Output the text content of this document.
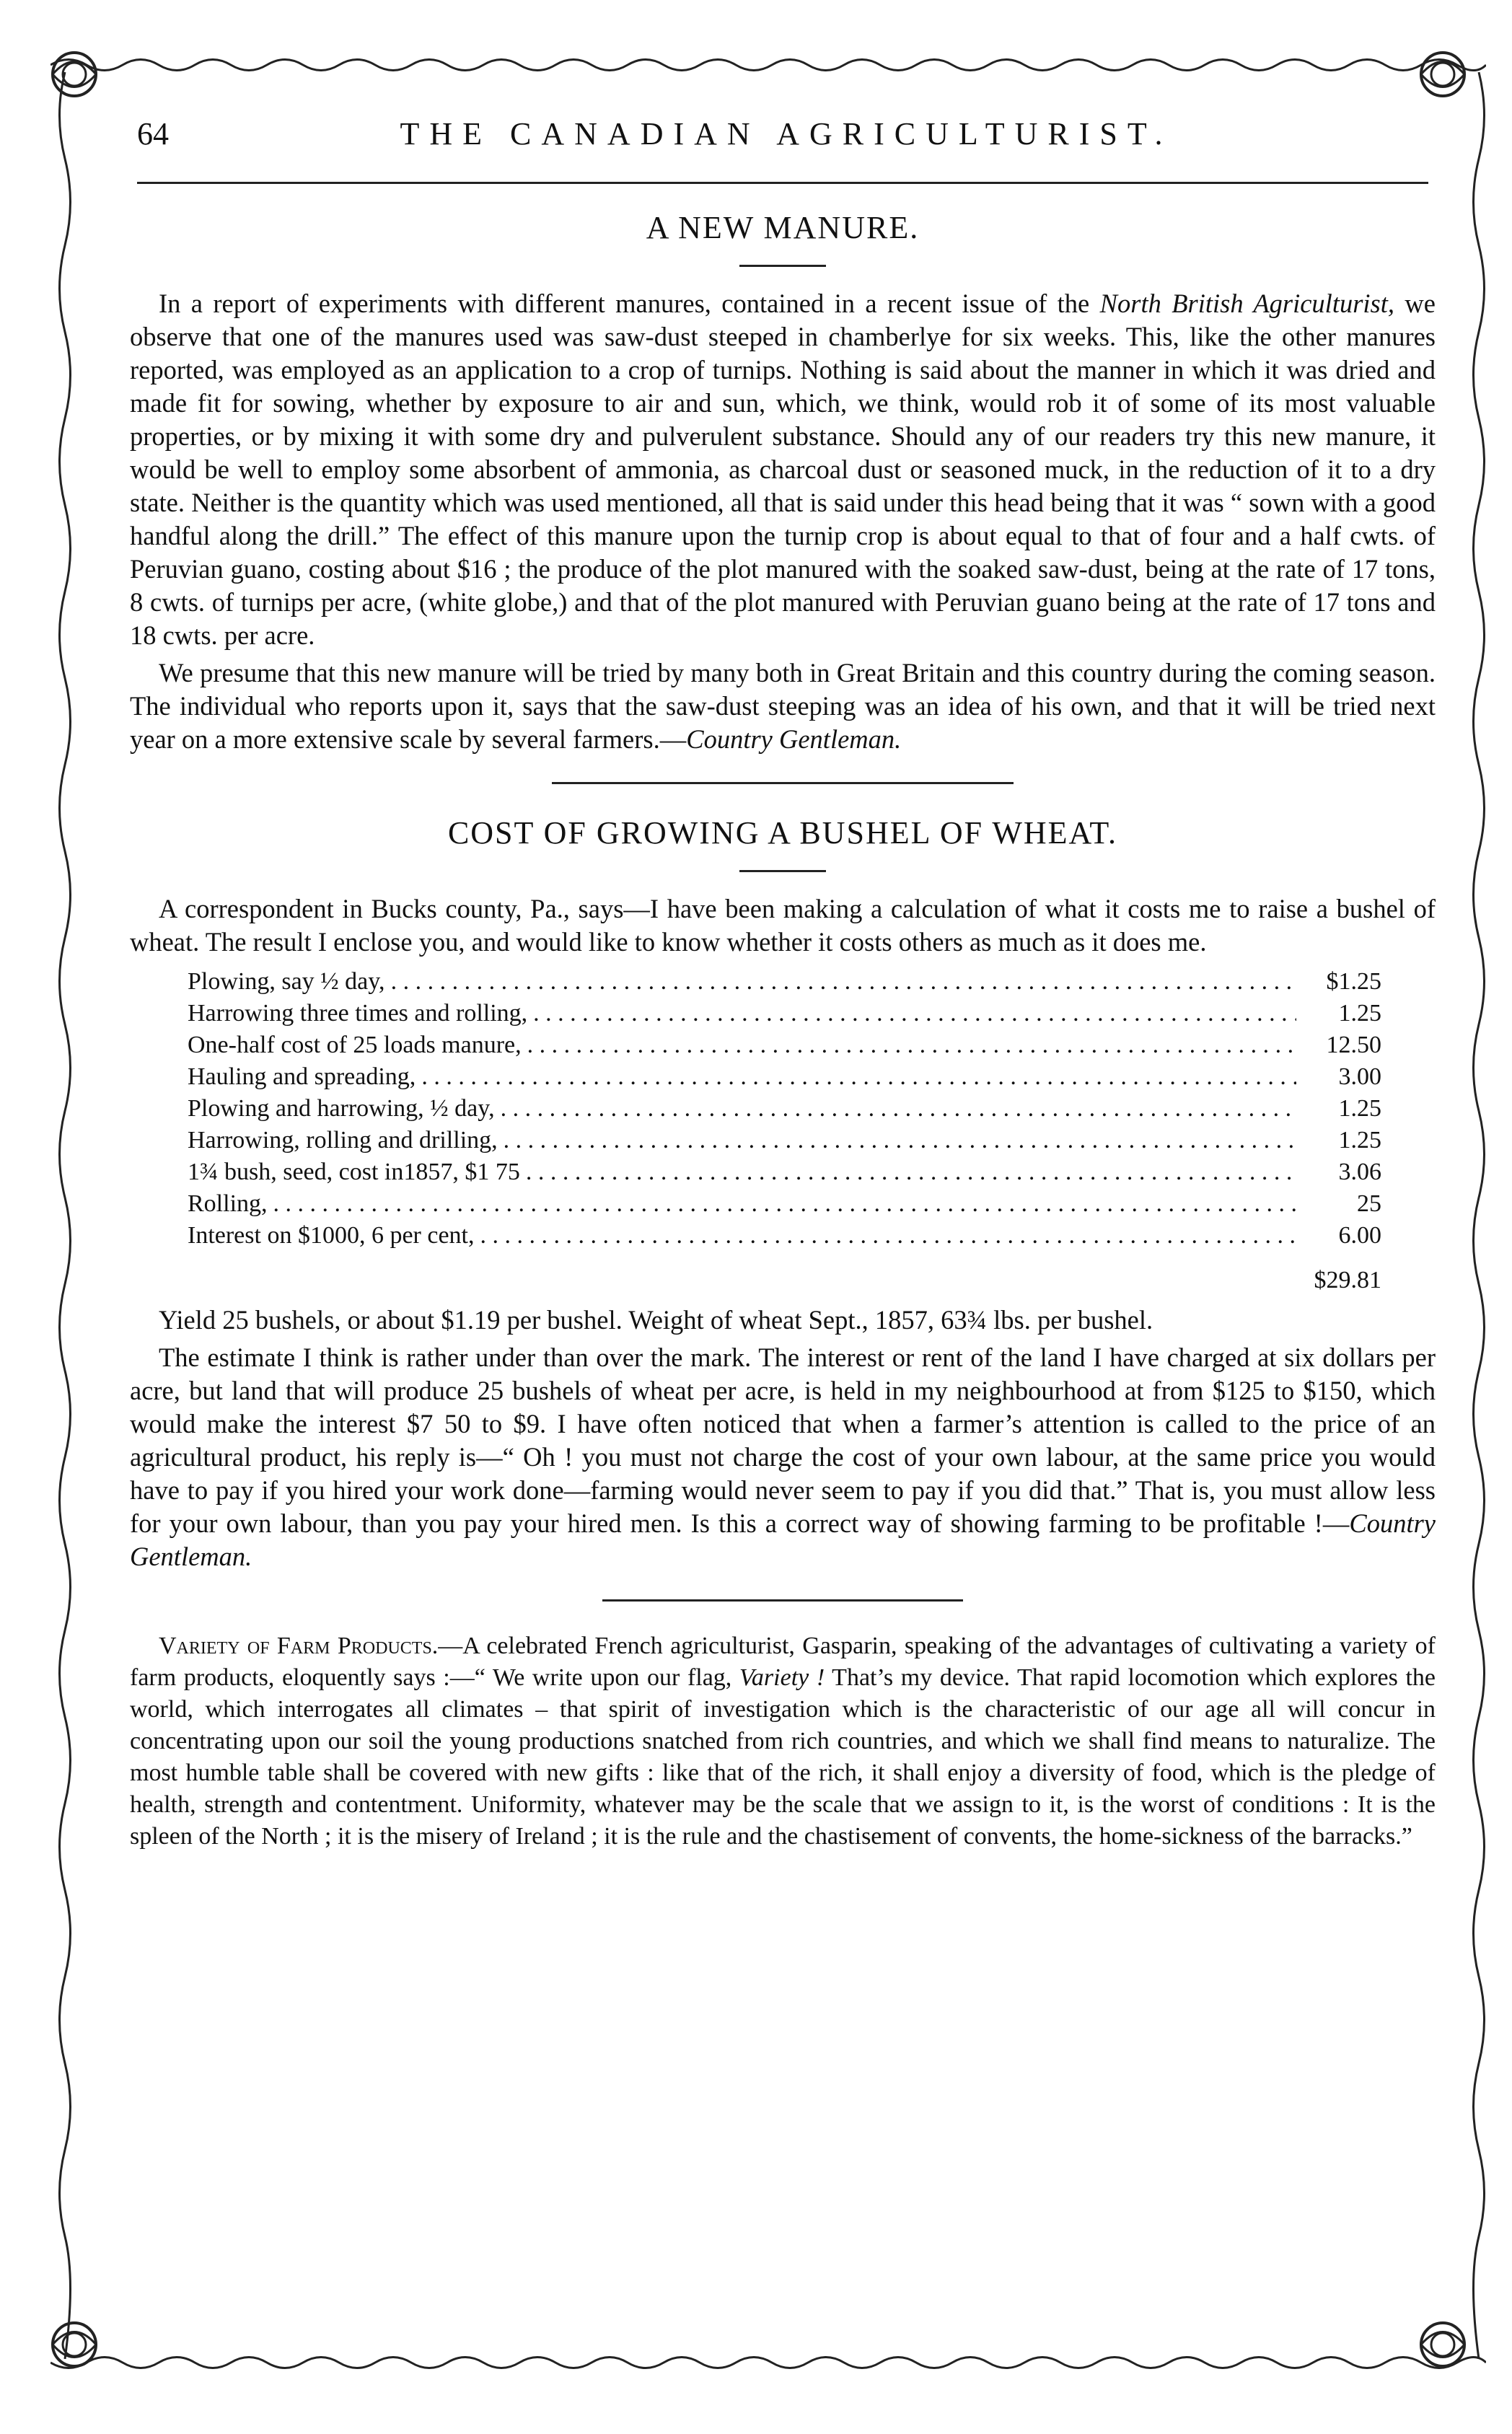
64	THE CANADIAN AGRICULTURIST.
A NEW MANURE.

In a report of experiments with different manures, contained in a recent issue of the North British Agriculturist, we observe that one of the manures used was saw-dust steeped in chamberlye for six weeks. This, like the other manures reported, was employed as an application to a crop of turnips. Nothing is said about the manner in which it was dried and made fit for sowing, whether by exposure to air and sun, which, we think, would rob it of some of its most valuable properties, or by mixing it with some dry and pulverulent substance. Should any of our readers try this new manure, it would be well to employ some absorbent of ammonia, as charcoal dust or seasoned muck, in the reduction of it to a dry state. Neither is the quantity which was used mentioned, all that is said under this head being that it was “ sown with a good handful along the drill.” The effect of this manure upon the turnip crop is about equal to that of four and a half cwts. of Peruvian guano, costing about $16 ; the produce of the plot manured with the soaked saw-dust, being at the rate of 17 tons, 8 cwts. of turnips per acre, (white globe,) and that of the plot manured with Peruvian guano being at the rate of 17 tons and 18 cwts. per acre.

We presume that this new manure will be tried by many both in Great Britain and this country during the coming season. The individual who reports upon it, says that the saw-dust steeping was an idea of his own, and that it will be tried next year on a more extensive scale by several farmers.—Country Gentleman.

COST OF GROWING A BUSHEL OF WHEAT.

A correspondent in Bucks county, Pa., says—I have been making a calculation of what it costs me to raise a bushel of wheat. The result I enclose you, and would like to know whether it costs others as much as it does me.

Plowing, say ½ day, . . .	$1.25
Harrowing three times and rolling, . . .	1.25
One-half cost of 25 loads manure, . . .	12.50
Hauling and spreading, . . .	3.00
Plowing and harrowing, ½ day, . . .	1.25
Harrowing, rolling and drilling, . . .	1.25
1¾ bush, seed, cost in1857, $1 75 . . .	3.06
Rolling, . . .	25
Interest on $1000, 6 per cent, . . .	6.00
$29.81

Yield 25 bushels, or about $1.19 per bushel. Weight of wheat Sept., 1857, 63¾ lbs. per bushel.

The estimate I think is rather under than over the mark. The interest or rent of the land I have charged at six dollars per acre, but land that will produce 25 bushels of wheat per acre, is held in my neighbourhood at from $125 to $150, which would make the interest $7 50 to $9. I have often noticed that when a farmer’s attention is called to the price of an agricultural product, his reply is—“ Oh ! you must not charge the cost of your own labour, at the same price you would have to pay if you hired your work done—farming would never seem to pay if you did that.” That is, you must allow less for your own labour, than you pay your hired men. Is this a correct way of showing farming to be profitable !—Country Gentleman.

Variety of Farm Products.—A celebrated French agriculturist, Gasparin, speaking of the advantages of cultivating a variety of farm products, eloquently says :—“ We write upon our flag, Variety ! That’s my device. That rapid locomotion which explores the world, which interrogates all climates – that spirit of investigation which is the characteristic of our age all will concur in concentrating upon our soil the young productions snatched from rich countries, and which we shall find means to naturalize. The most humble table shall be covered with new gifts : like that of the rich, it shall enjoy a diversity of food, which is the pledge of health, strength and contentment. Uniformity, whatever may be the scale that we assign to it, is the worst of conditions : It is the spleen of the North ; it is the misery of Ireland ; it is the rule and the chastisement of convents, the home-sickness of the barracks.”
